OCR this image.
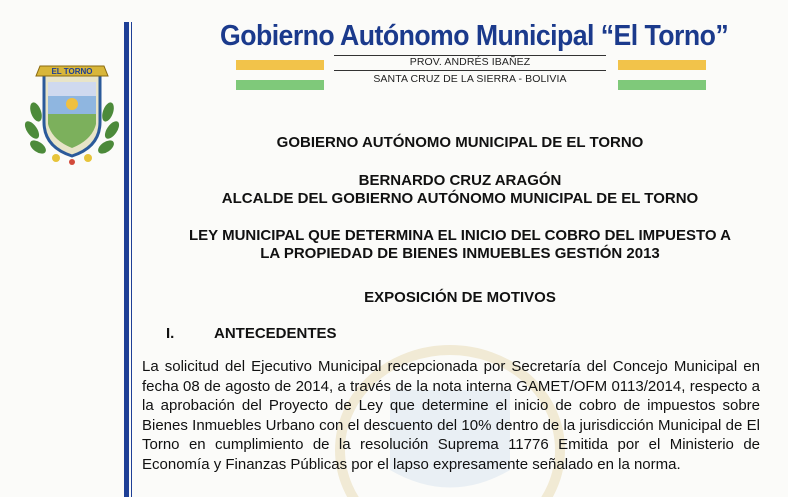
EL TORNO
Gobierno Autónomo Municipal “El Torno”
PROV. ANDRÉS IBAÑEZ
SANTA CRUZ DE LA SIERRA - BOLIVIA
GOBIERNO AUTÓNOMO MUNICIPAL DE EL TORNO
BERNARDO CRUZ ARAGÓN
ALCALDE DEL GOBIERNO AUTÓNOMO MUNICIPAL DE EL TORNO
LEY MUNICIPAL QUE DETERMINA EL INICIO DEL COBRO DEL IMPUESTO A
LA PROPIEDAD DE BIENES INMUEBLES GESTIÓN 2013
EXPOSICIÓN DE MOTIVOS
I.	ANTECEDENTES
La solicitud del Ejecutivo Municipal recepcionada por Secretaría del Concejo Municipal en fecha 08 de agosto de 2014, a través de la nota interna GAMET/OFM 0113/2014, respecto a la aprobación del Proyecto de Ley que determine el inicio de cobro de impuestos sobre Bienes Inmuebles Urbano con el descuento del 10% dentro de la jurisdicción Municipal de El Torno en cumplimiento de la resolución Suprema 11776 Emitida por el Ministerio de Economía y Finanzas Públicas por el lapso expresamente señalado en la norma.
